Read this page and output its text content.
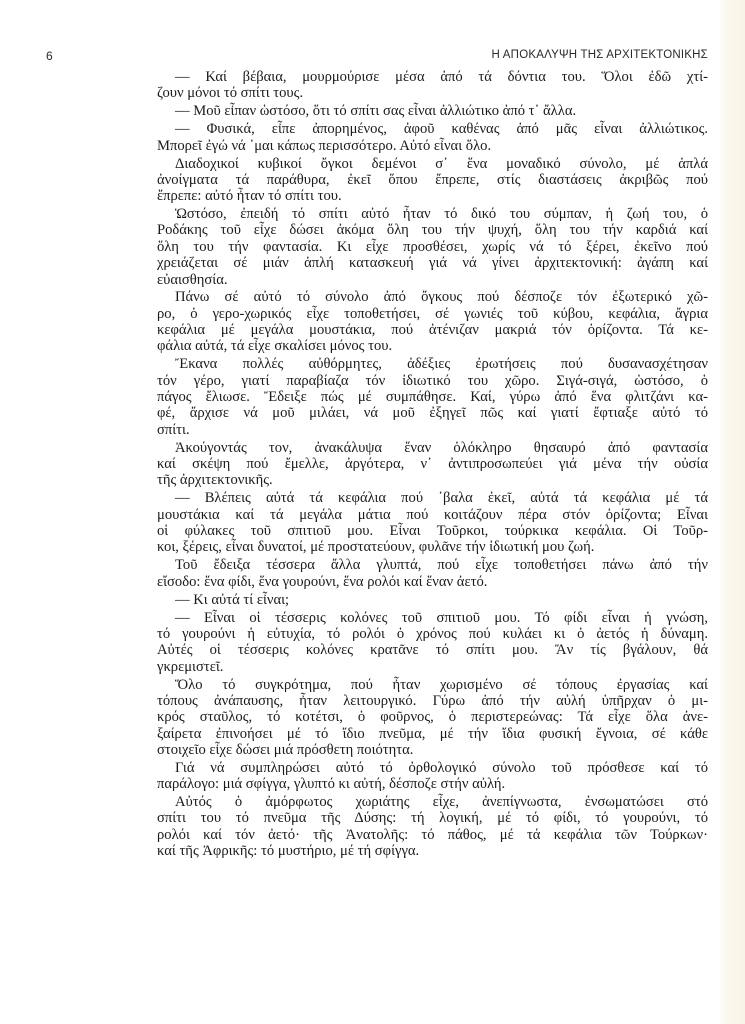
6	Η ΑΠΟΚΑΛΥΨΗ ΤΗΣ ΑΡΧΙΤΕΚΤΟΝΙΚΗΣ

— Καί βέβαια, μουρμούρισε μέσα ἀπό τά δόντια του. Ὅλοι ἐδῶ χτί-
ζουν μόνοι τό σπίτι τους.

— Μοῦ εἶπαν ὡστόσο, ὅτι τό σπίτι σας εἶναι ἀλλιώτικο ἀπό τ᾽ ἄλλα.

— Φυσικά, εἶπε ἀπορημένος, ἀφοῦ καθένας ἀπό μᾶς εἶναι ἀλλιώτικος.
Μπορεῖ ἐγώ νά ᾽μαι κάπως περισσότερο. Αὐτό εἶναι ὅλο.

Διαδοχικοί κυβικοί ὄγκοι δεμένοι σ᾽ ἕνα μοναδικό σύνολο, μέ ἁπλά
ἀνοίγματα τά παράθυρα, ἐκεῖ ὅπου ἔπρεπε, στίς διαστάσεις ἀκριβῶς πού
ἔπρεπε: αὐτό ἦταν τό σπίτι του.

Ὡστόσο, ἐπειδή τό σπίτι αὐτό ἦταν τό δικό του σύμπαν, ἡ ζωή του, ὁ
Ροδάκης τοῦ εἶχε δώσει ἀκόμα ὅλη του τήν ψυχή, ὅλη του τήν καρδιά καί
ὅλη του τήν φαντασία. Κι εἶχε προσθέσει, χωρίς νά τό ξέρει, ἐκεῖνο πού
χρειάζεται σέ μιάν ἁπλή κατασκευή γιά νά γίνει ἀρχιτεκτονική: ἀγάπη καί
εὐαισθησία.

Πάνω σέ αὐτό τό σύνολο ἀπό ὄγκους πού δέσποζε τόν ἐξωτερικό χῶ-
ρο, ὁ γερο-χωρικός εἶχε τοποθετήσει, σέ γωνιές τοῦ κύβου, κεφάλια, ἄγρια
κεφάλια μέ μεγάλα μουστάκια, πού ἀτένιζαν μακριά τόν ὁρίζοντα. Τά κε-
φάλια αὐτά, τά εἶχε σκαλίσει μόνος του.

Ἔκανα πολλές αὐθόρμητες, ἀδέξιες ἐρωτήσεις πού δυσανασχέτησαν
τόν γέρο, γιατί παραβίαζα τόν ἰδιωτικό του χῶρο. Σιγά-σιγά, ὡστόσο, ὁ
πάγος ἔλιωσε. Ἔδειξε πώς μέ συμπάθησε. Καί, γύρω ἀπό ἕνα φλιτζάνι κα-
φέ, ἄρχισε νά μοῦ μιλάει, νά μοῦ ἐξηγεῖ πῶς καί γιατί ἔφτιαξε αὐτό τό
σπίτι.

Ἀκούγοντάς τον, ἀνακάλυψα ἕναν ὁλόκληρο θησαυρό ἀπό φαντασία
καί σκέψη πού ἔμελλε, ἀργότερα, ν᾽ ἀντιπροσωπεύει γιά μένα τήν οὐσία
τῆς ἀρχιτεκτονικῆς.

— Βλέπεις αὐτά τά κεφάλια πού ᾽βαλα ἐκεῖ, αὐτά τά κεφάλια μέ τά
μουστάκια καί τά μεγάλα μάτια πού κοιτάζουν πέρα στόν ὁρίζοντα; Εἶναι
οἱ φύλακες τοῦ σπιτιοῦ μου. Εἶναι Τοῦρκοι, τούρκικα κεφάλια. Οἱ Τοῦρ-
κοι, ξέρεις, εἶναι δυνατοί, μέ προστατεύουν, φυλᾶνε τήν ἰδιωτική μου ζωή.

Τοῦ ἔδειξα τέσσερα ἄλλα γλυπτά, πού εἶχε τοποθετήσει πάνω ἀπό τήν
εἴσοδο: ἕνα φίδι, ἕνα γουρούνι, ἕνα ρολόι καί ἕναν ἀετό.

— Κι αὐτά τί εἶναι;

— Εἶναι οἱ τέσσερις κολόνες τοῦ σπιτιοῦ μου. Τό φίδι εἶναι ἡ γνώση,
τό γουρούνι ἡ εὐτυχία, τό ρολόι ὁ χρόνος πού κυλάει κι ὁ ἀετός ἡ δύναμη.
Αὐτές οἱ τέσσερις κολόνες κρατᾶνε τό σπίτι μου. Ἄν τίς βγάλουν, θά
γκρεμιστεῖ.

Ὅλο τό συγκρότημα, πού ἦταν χωρισμένο σέ τόπους ἐργασίας καί
τόπους ἀνάπαυσης, ἦταν λειτουργικό. Γύρω ἀπό τήν αὐλή ὑπῆρχαν ὁ μι-
κρός σταῦλος, τό κοτέτσι, ὁ φοῦρνος, ὁ περιστερεώνας: Τά εἶχε ὅλα ἀνε-
ξαίρετα ἐπινοήσει μέ τό ἴδιο πνεῦμα, μέ τήν ἴδια φυσική ἔγνοια, σέ κάθε
στοιχεῖο εἶχε δώσει μιά πρόσθετη ποιότητα.

Γιά νά συμπληρώσει αὐτό τό ὀρθολογικό σύνολο τοῦ πρόσθεσε καί τό
παράλογο: μιά σφίγγα, γλυπτό κι αὐτή, δέσποζε στήν αὐλή.

Αὐτός ὁ ἀμόρφωτος χωριάτης εἶχε, ἀνεπίγνωστα, ἐνσωματώσει στό
σπίτι του τό πνεῦμα τῆς Δύσης: τή λογική, μέ τό φίδι, τό γουρούνι, τό
ρολόι καί τόν ἀετό· τῆς Ἀνατολῆς: τό πάθος, μέ τά κεφάλια τῶν Τούρκων·
καί τῆς Ἀφρικῆς: τό μυστήριο, μέ τή σφίγγα.
